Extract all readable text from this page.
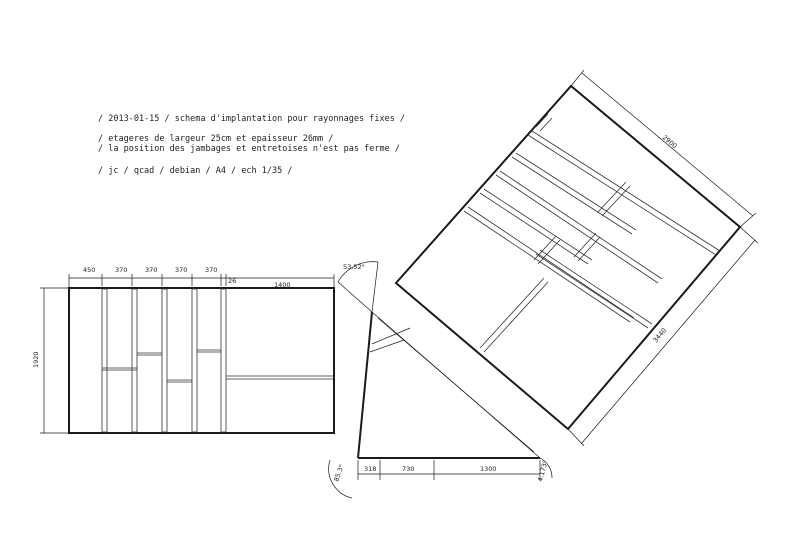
/ 2013-01-15 / schema d'implantation pour rayonnages fixes /
/ etageres de largeur 25cm et epaisseur 26mm /
/ la position des jambages et entretoises n'est pas ferme /
/ jc / qcad / debian / A4 / ech 1/35 /
450	370	370	370	370
26	1400
1920
53.52°
85.3°	4.173°
318	730	1300
2900
3440
